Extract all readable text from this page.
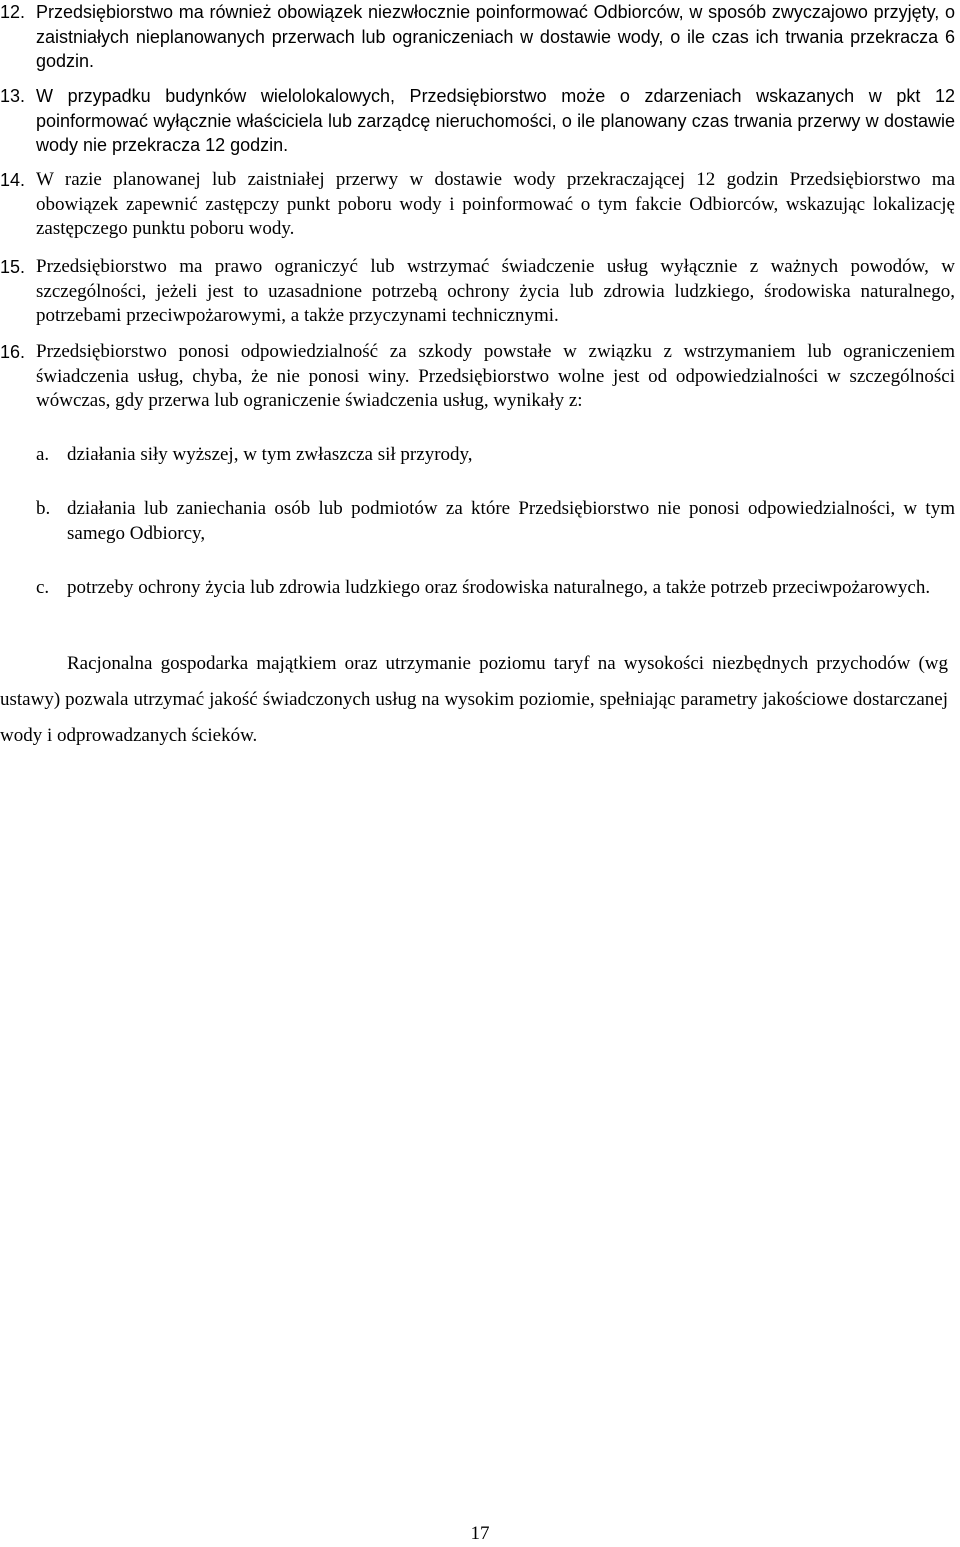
12. Przedsiębiorstwo ma również obowiązek niezwłocznie poinformować Odbiorców, w sposób zwyczajowo przyjęty, o zaistniałych nieplanowanych przerwach lub ograniczeniach w dostawie wody, o ile czas ich trwania przekracza 6 godzin.
13. W przypadku budynków wielolokalowych, Przedsiębiorstwo może o zdarzeniach wskazanych w pkt 12 poinformować wyłącznie właściciela lub zarządcę nieruchomości, o ile planowany czas trwania przerwy w dostawie wody nie przekracza 12 godzin.
14. W razie planowanej lub zaistniałej przerwy w dostawie wody przekraczającej 12 godzin Przedsiębiorstwo ma obowiązek zapewnić zastępczy punkt poboru wody i poinformować o tym fakcie Odbiorców, wskazując lokalizację zastępczego punktu poboru wody.
15. Przedsiębiorstwo ma prawo ograniczyć lub wstrzymać świadczenie usług wyłącznie z ważnych powodów, w szczególności, jeżeli jest to uzasadnione potrzebą ochrony życia lub zdrowia ludzkiego, środowiska naturalnego, potrzebami przeciwpożarowymi, a także przyczynami technicznymi.
16. Przedsiębiorstwo ponosi odpowiedzialność za szkody powstałe w związku z wstrzymaniem lub ograniczeniem świadczenia usług, chyba, że nie ponosi winy. Przedsiębiorstwo wolne jest od odpowiedzialności w szczególności wówczas, gdy przerwa lub ograniczenie świadczenia usług, wynikały z:
a. działania siły wyższej, w tym zwłaszcza sił przyrody,
b. działania lub zaniechania osób lub podmiotów za które Przedsiębiorstwo nie ponosi odpowiedzialności, w tym samego Odbiorcy,
c. potrzeby ochrony życia lub zdrowia ludzkiego oraz środowiska naturalnego, a także potrzeb przeciwpożarowych.
Racjonalna gospodarka majątkiem oraz utrzymanie poziomu taryf na wysokości niezbędnych przychodów (wg ustawy) pozwala utrzymać jakość świadczonych usług na wysokim poziomie, spełniając parametry jakościowe dostarczanej wody i odprowadzanych ścieków.
17
